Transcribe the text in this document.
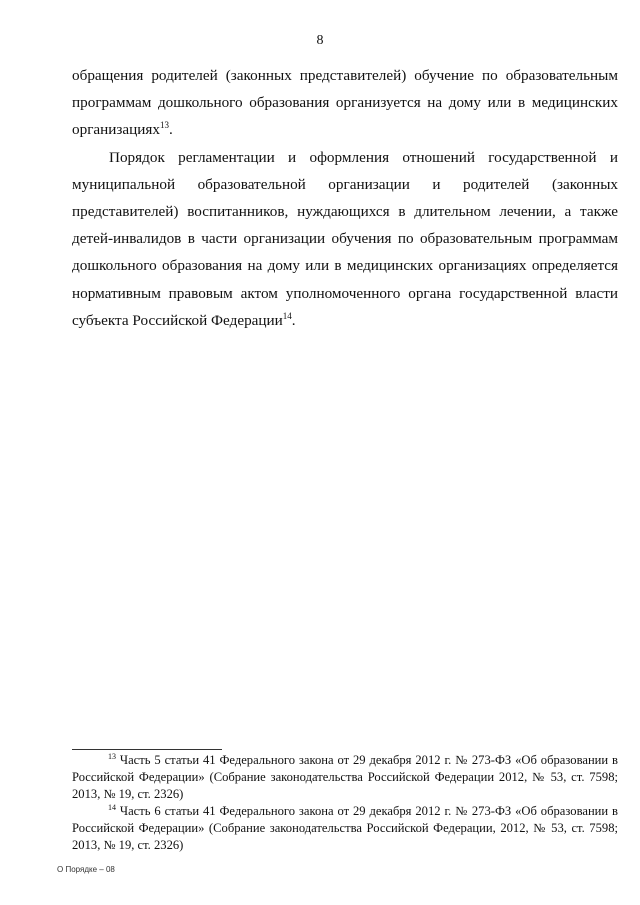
8

обращения родителей (законных представителей) обучение по образовательным программам дошкольного образования организуется на дому или в медицинских организациях$^{13}$.

Порядок регламентации и оформления отношений государственной и муниципальной образовательной организации и родителей (законных представителей) воспитанников, нуждающихся в длительном лечении, а также детей-инвалидов в части организации обучения по образовательным программам дошкольного образования на дому или в медицинских организациях определяется нормативным правовым актом уполномоченного органа государственной власти субъекта Российской Федерации$^{14}$.

$^{13}$ Часть 5 статьи 41 Федерального закона от 29 декабря 2012 г. № 273-ФЗ «Об образовании в Российской Федерации» (Собрание законодательства Российской Федерации 2012, № 53, ст. 7598; 2013, № 19, ст. 2326)

$^{14}$ Часть 6 статьи 41 Федерального закона от 29 декабря 2012 г. № 273-ФЗ «Об образовании в Российской Федерации» (Собрание законодательства Российской Федерации, 2012, № 53, ст. 7598; 2013, № 19, ст. 2326)

О Порядке – 08
